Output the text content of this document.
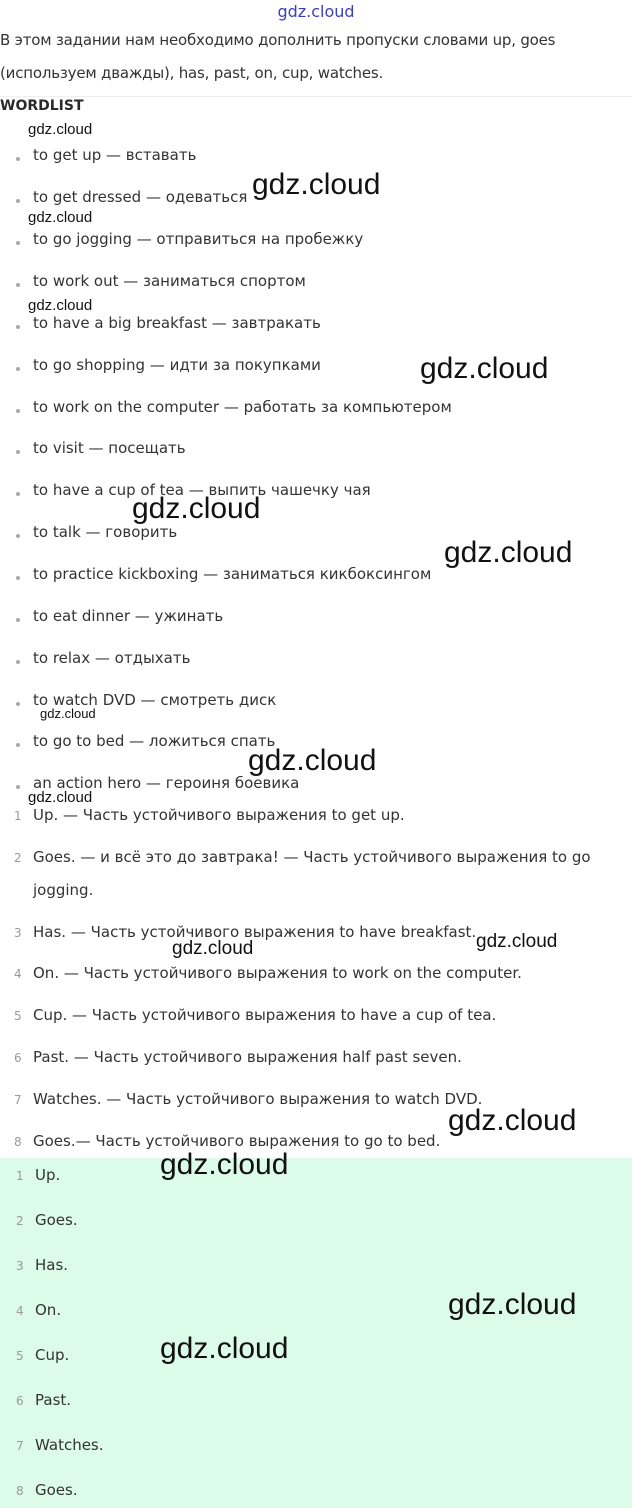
gdz.cloud
В этом задании нам необходимо дополнить пропуски словами up, goes
(используем дважды), has, past, on, cup, watches.
WORDLIST
to get up — вставать
to get dressed — одеваться
to go jogging — отправиться на пробежку
to work out — заниматься спортом
to have a big breakfast — завтракать
to go shopping — идти за покупками
to work on the computer — работать за компьютером
to visit — посещать
to have a cup of tea — выпить чашечку чая
to talk — говорить
to practice kickboxing — заниматься кикбоксингом
to eat dinner — ужинать
to relax — отдыхать
to watch DVD — смотреть диск
to go to bed — ложиться спать
an action hero — героиня боевика
1 Up. — Часть устойчивого выражения to get up.
2 Goes. — и всё это до завтрака! — Часть устойчивого выражения to go
jogging.
3 Has. — Часть устойчивого выражения to have breakfast.
4 On. — Часть устойчивого выражения to work on the computer.
5 Cup. — Часть устойчивого выражения to have a cup of tea.
6 Past. — Часть устойчивого выражения half past seven.
7 Watches. — Часть устойчивого выражения to watch DVD.
8 Goes.— Часть устойчивого выражения to go to bed.
1 Up.
2 Goes.
3 Has.
4 On.
5 Cup.
6 Past.
7 Watches.
8 Goes.
gdz.cloud
gdz.cloud
gdz.cloud
gdz.cloud
gdz.cloud
gdz.cloud
gdz.cloud
gdz.cloud
gdz.cloud
gdz.cloud
gdz.cloud	gdz.cloud
gdz.cloud
gdz.cloud
gdz.cloud
gdz.cloud
